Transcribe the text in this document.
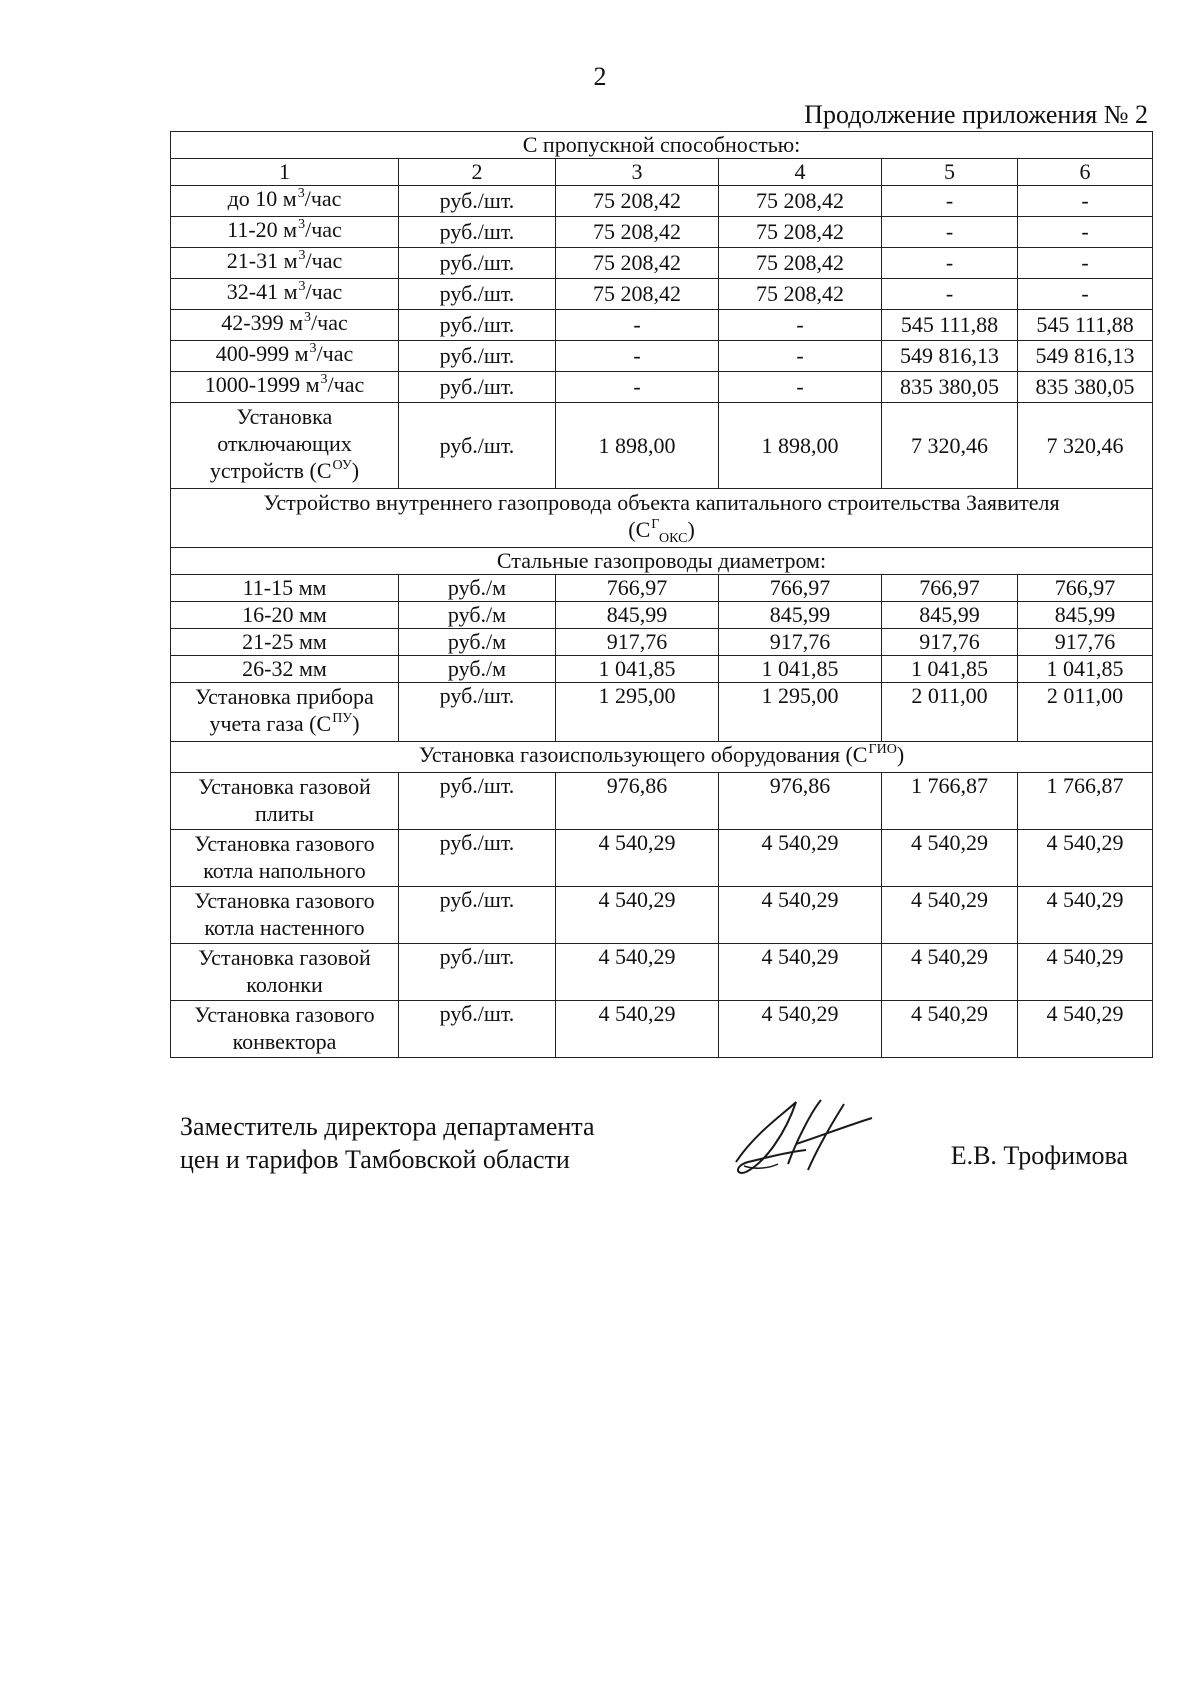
2
Продолжение приложения № 2
С пропускной способностью:					
1	2	3	4	5	6
до 10 $м^3$/час	руб./шт.	75 208,42	75 208,42	-	-
11-20 $м^3$/час	руб./шт.	75 208,42	75 208,42	-	-
21-31 $м^3$/час	руб./шт.	75 208,42	75 208,42	-	-
32-41 $м^3$/час	руб./шт.	75 208,42	75 208,42	-	-
42-399 $м^3$/час	руб./шт.	-	-	545 111,88	545 111,88
400-999 $м^3$/час	руб./шт.	-	-	549 816,13	549 816,13
1000-1999 $м^3$/час	руб./шт.	-	-	835 380,05	835 380,05
Установка отключающих устройств $(C^{ОУ})$	руб./шт.	1 898,00	1 898,00	7 320,46	7 320,46
Устройство внутреннего газопровода объекта капитального строительства Заявителя
$(C^Г_{ОКС})$					
Стальные газопроводы диаметром:					
11-15 мм	руб./м	766,97	766,97	766,97	766,97
16-20 мм	руб./м	845,99	845,99	845,99	845,99
21-25 мм	руб./м	917,76	917,76	917,76	917,76
26-32 мм	руб./м	1 041,85	1 041,85	1 041,85	1 041,85
Установка прибора учета газа $(C^{ПУ})$	руб./шт.	1 295,00	1 295,00	2 011,00	2 011,00
Установка газоиспользующего оборудования $(C^{ГИО})$					
Установка газовой плиты	руб./шт.	976,86	976,86	1 766,87	1 766,87
Установка газового котла напольного	руб./шт.	4 540,29	4 540,29	4 540,29	4 540,29
Установка газового котла настенного	руб./шт.	4 540,29	4 540,29	4 540,29	4 540,29
Установка газовой колонки	руб./шт.	4 540,29	4 540,29	4 540,29	4 540,29
Установка газового конвектора	руб./шт.	4 540,29	4 540,29	4 540,29	4 540,29
Заместитель директора департамента
цен и тарифов Тамбовской области	Е.В. Трофимова
